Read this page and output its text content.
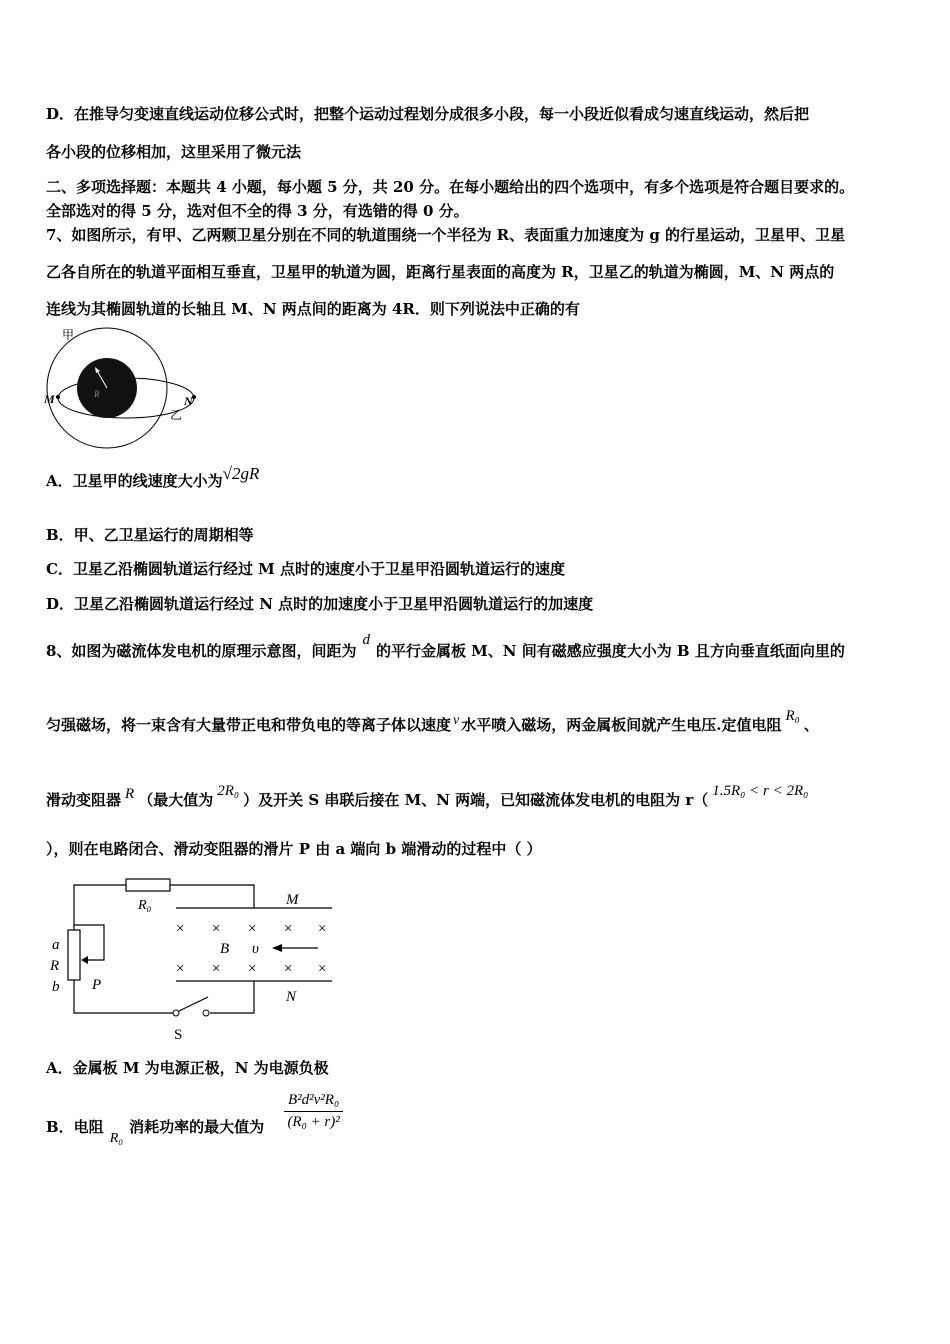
D．在推导匀变速直线运动位移公式时，把整个运动过程划分成很多小段，每一小段近似看成匀速直线运动，然后把
各小段的位移相加，这里采用了微元法
二、多项选择题：本题共 4 小题，每小题 5 分，共 20 分。在每小题给出的四个选项中，有多个选项是符合题目要求的。
全部选对的得 5 分，选对但不全的得 3 分，有选错的得 0 分。
7、如图所示，有甲、乙两颗卫星分别在不同的轨道围绕一个半径为 R、表面重力加速度为 g 的行星运动，卫星甲、卫星
乙各自所在的轨道平面相互垂直，卫星甲的轨道为圆，距离行星表面的高度为 R，卫星乙的轨道为椭圆，M、N 两点的
连线为其椭圆轨道的长轴且 M、N 两点间的距离为 4R．则下列说法中正确的有
甲
乙
M	N
R
A．卫星甲的线速度大小为√2gR
B．甲、乙卫星运行的周期相等
C．卫星乙沿椭圆轨道运行经过 M 点时的速度小于卫星甲沿圆轨道运行的速度
D．卫星乙沿椭圆轨道运行经过 N 点时的加速度小于卫星甲沿圆轨道运行的加速度
8、如图为磁流体发电机的原理示意图，间距为d的平行金属板 M、N 间有磁感应强度大小为 B 且方向垂直纸面向里的
匀强磁场，将一束含有大量带正电和带负电的等离子体以速度 v 水平喷入磁场，两金属板间就产生电压.定值电阻 R₀ 、
滑动变阻器 R （最大值为 2R₀ ）及开关 S 串联后接在 M、N 两端，已知磁流体发电机的电阻为 r（ 1.5R₀ < r < 2R₀
），则在电路闭合、滑动变阻器的滑片 P 由 a 端向 b 端滑动的过程中（ ）
× × × × ×
× × × × ×
R₀	M
N
B υ
a
R
b P
S
A．金属板 M 为电源正极，N 为电源负极
B．电阻R₀消耗功率的最大值为 $\frac{\text{B²d²v²R₀}}{\text{(R₀ + r)²}}$
